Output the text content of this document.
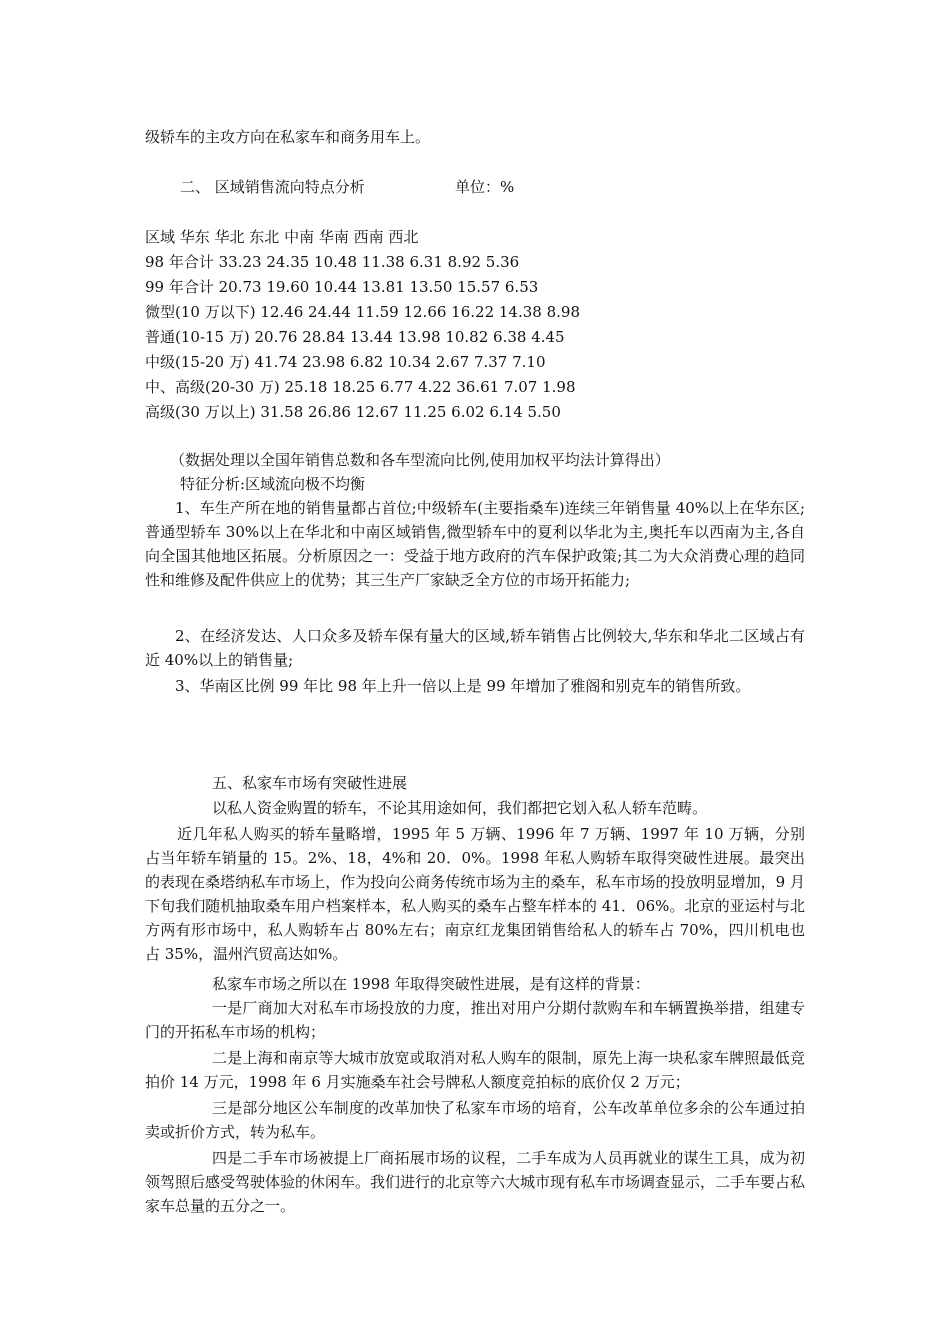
级轿车的主攻方向在私家车和商务用车上。
二、 区域销售流向特点分析	单位：%
区域 华东 华北 东北 中南 华南 西南 西北
98 年合计 33.23 24.35 10.48 11.38 6.31 8.92 5.36
99 年合计 20.73 19.60 10.44 13.81 13.50 15.57 6.53
微型(10 万以下) 12.46 24.44 11.59 12.66 16.22 14.38 8.98
普通(10-15 万) 20.76 28.84 13.44 13.98 10.82 6.38 4.45
中级(15-20 万) 41.74 23.98 6.82 10.34 2.67 7.37 7.10
中、高级(20-30 万) 25.18 18.25 6.77 4.22 36.61 7.07 1.98
高级(30 万以上) 31.58 26.86 12.67 11.25 6.02 6.14 5.50
（数据处理以全国年销售总数和各车型流向比例,使用加权平均法计算得出）
特征分析:区域流向极不均衡
1、车生产所在地的销售量都占首位;中级轿车(主要指桑车)连续三年销售量 40%以上在华东区;普通型轿车 30%以上在华北和中南区域销售,微型轿车中的夏利以华北为主,奥托车以西南为主,各自向全国其他地区拓展。分析原因之一：受益于地方政府的汽车保护政策;其二为大众消费心理的趋同性和维修及配件供应上的优势；其三生产厂家缺乏全方位的市场开拓能力;
2、在经济发达、人口众多及轿车保有量大的区域,轿车销售占比例较大,华东和华北二区域占有近 40%以上的销售量;
3、华南区比例 99 年比 98 年上升一倍以上是 99 年增加了雅阁和别克车的销售所致。
五、私家车市场有突破性进展
以私人资金购置的轿车，不论其用途如何，我们都把它划入私人轿车范畴。
近几年私人购买的轿车量略增，1995 年 5 万辆、1996 年 7 万辆、1997 年 10 万辆，分别占当年轿车销量的 15。2%、18，4%和 20．0%。1998 年私人购轿车取得突破性进展。最突出的表现在桑塔纳私车市场上，作为投向公商务传统市场为主的桑车，私车市场的投放明显增加，9 月下旬我们随机抽取桑车用户档案样本，私人购买的桑车占整车样本的 41．06%。北京的亚运村与北方两有形市场中，私人购轿车占 80%左右；南京红龙集团销售给私人的轿车占 70%，四川机电也占 35%，温州汽贸高达如%。
私家车市场之所以在 1998 年取得突破性进展，是有这样的背景：
一是厂商加大对私车市场投放的力度，推出对用户分期付款购车和车辆置换举措，组建专门的开拓私车市场的机构；
二是上海和南京等大城市放宽或取消对私人购车的限制，原先上海一块私家车牌照最低竞拍价 14 万元，1998 年 6 月实施桑车社会号牌私人额度竞拍标的底价仅 2 万元；
三是部分地区公车制度的改革加快了私家车市场的培育，公车改革单位多余的公车通过拍卖或折价方式，转为私车。
四是二手车市场被提上厂商拓展市场的议程，二手车成为人员再就业的谋生工具，成为初领驾照后感受驾驶体验的休闲车。我们进行的北京等六大城市现有私车市场调查显示，二手车要占私家车总量的五分之一。
